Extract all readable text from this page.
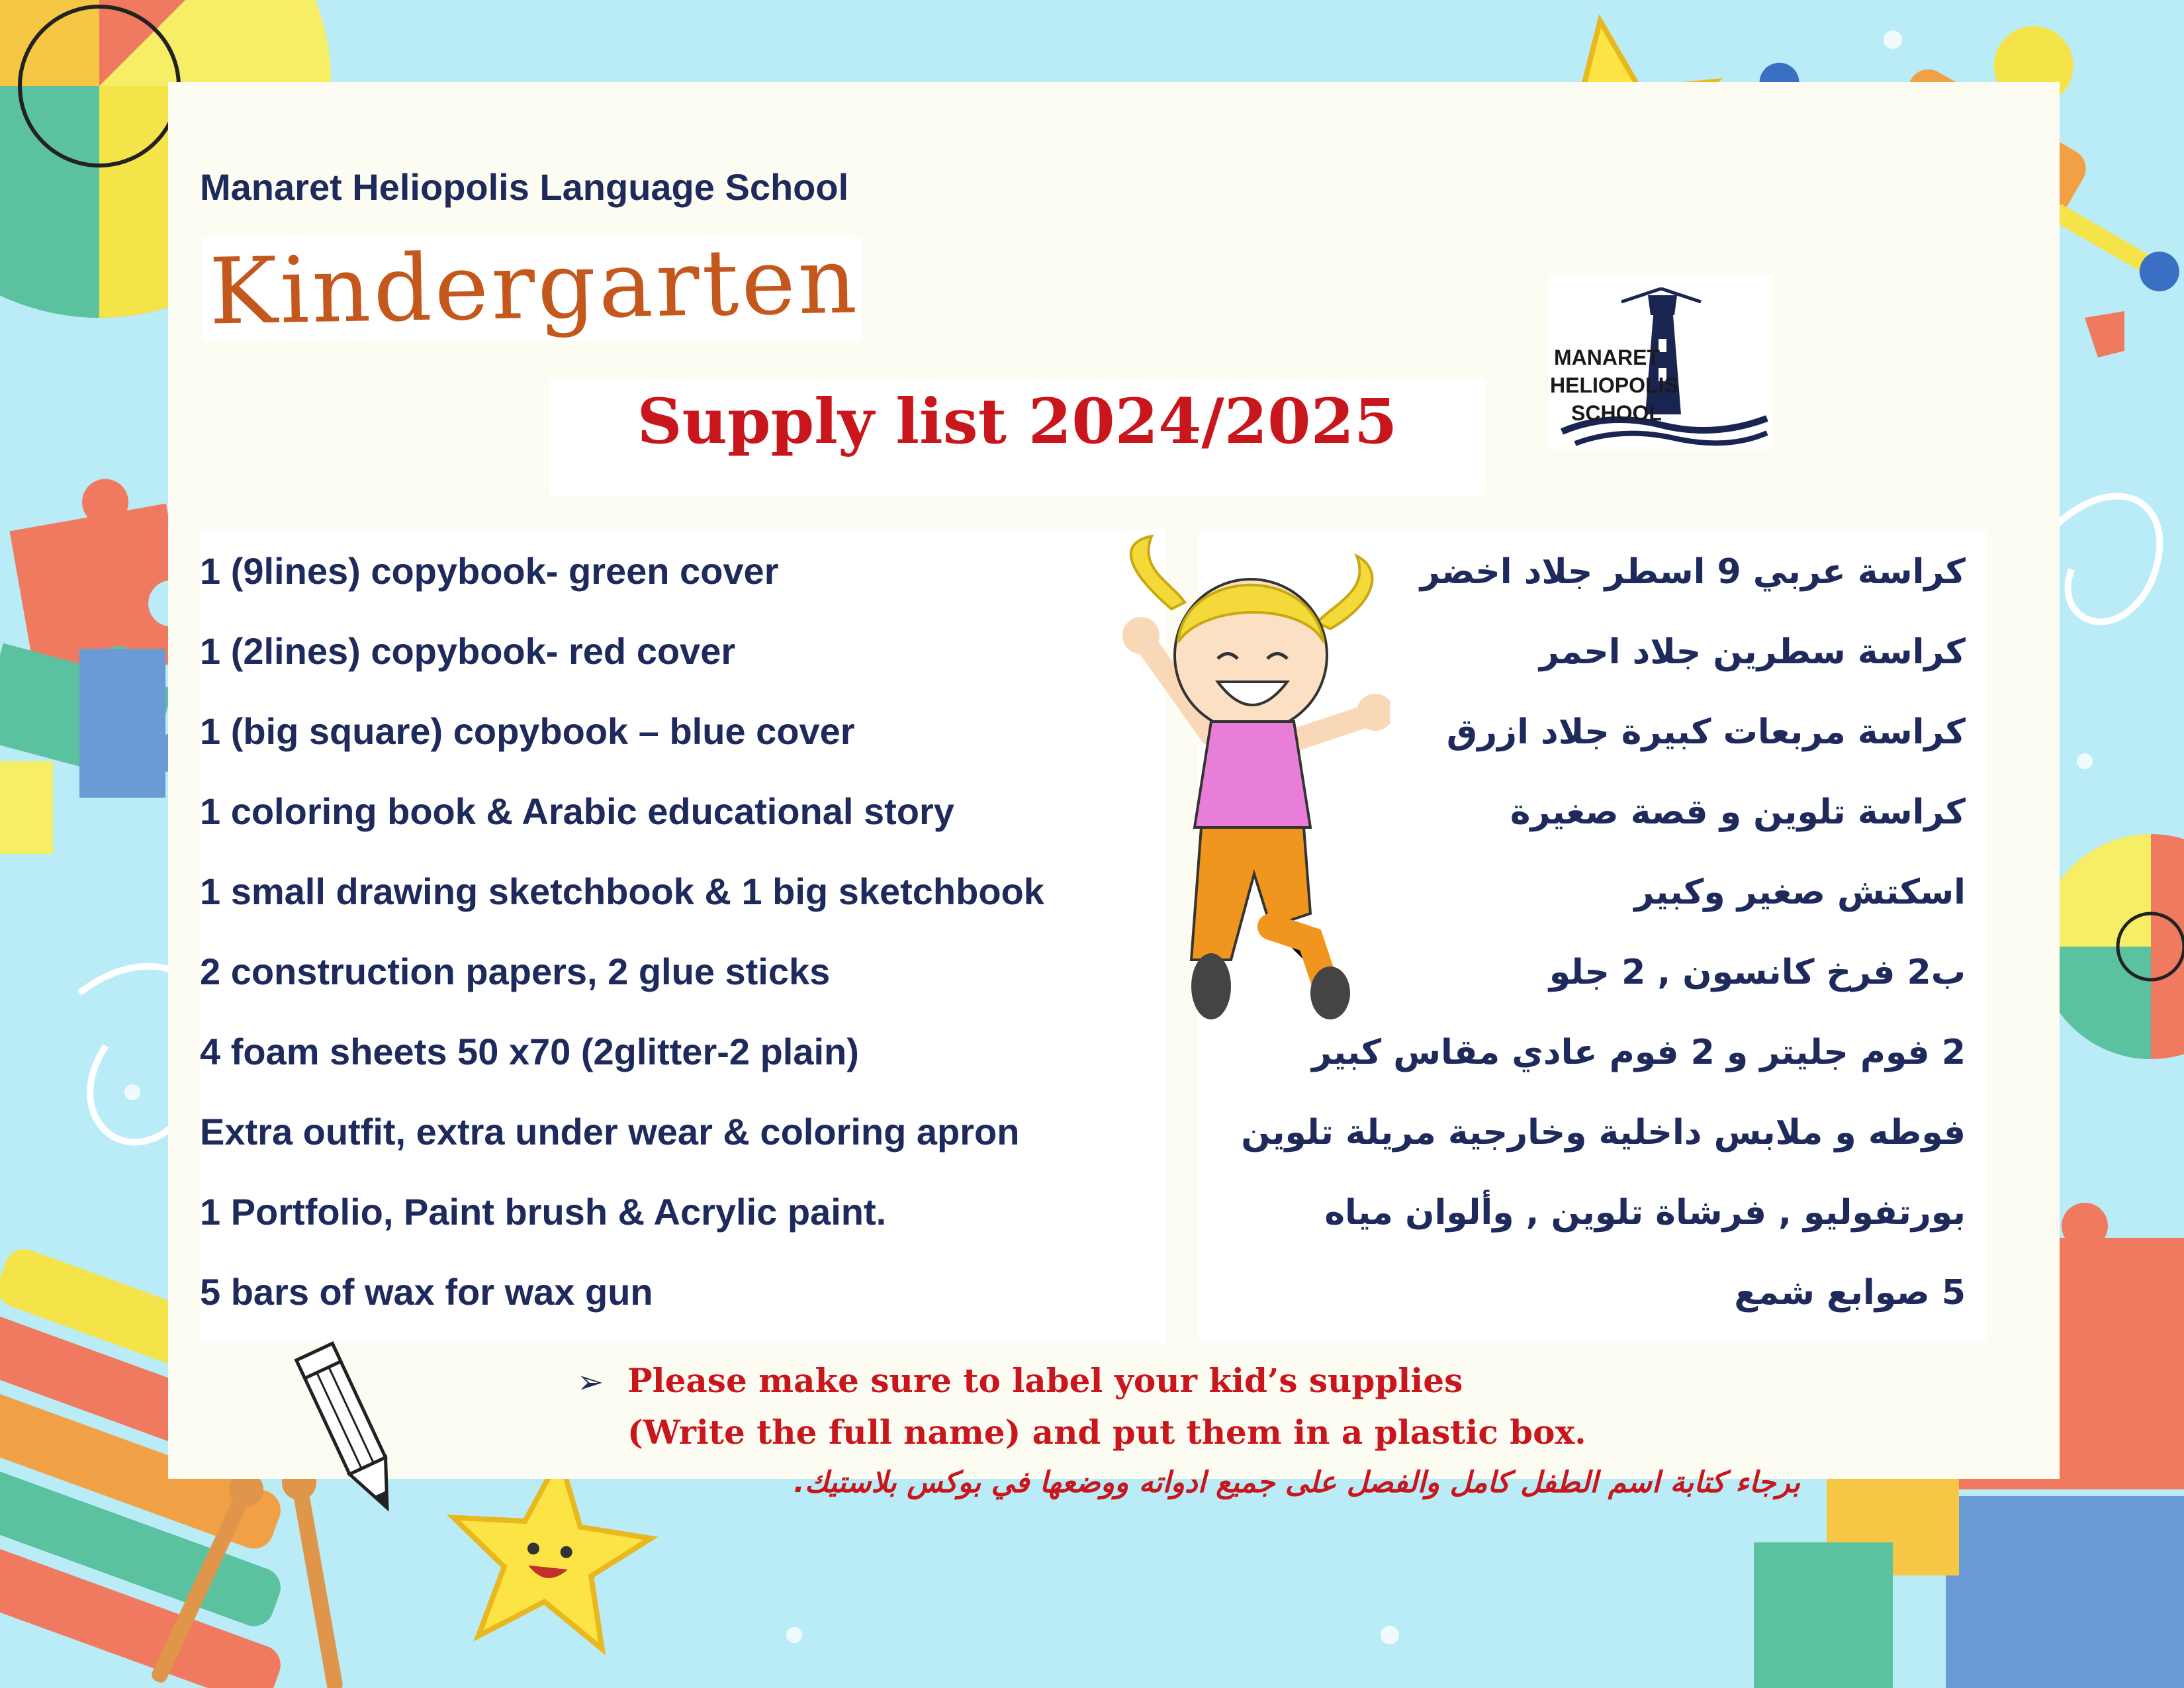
Manaret Heliopolis Language School
Kindergarten
Supply list 2024/2025
MANARET
HELIOPOLIS
SCHOOL
1 (9lines) copybook- green cover
1 (2lines) copybook- red cover
1 (big square) copybook – blue cover
1 coloring book & Arabic educational story
1 small drawing sketchbook & 1 big sketchbook
2 construction papers, 2 glue sticks
4 foam sheets 50 x70 (2glitter-2 plain)
Extra outfit, extra under wear & coloring apron
1 Portfolio, Paint brush & Acrylic paint.
5 bars of wax for wax gun
كراسة عربي 9 اسطر جلاد اخضر
كراسة سطرين جلاد احمر
كراسة مربعات كبيرة جلاد ازرق
كراسة تلوين و قصة صغيرة
اسكتش صغير وكبير
ب2 فرخ كانسون , 2 جلو
2 فوم جليتر و 2 فوم عادي مقاس كبير
فوطه و ملابس داخلية وخارجية مريلة تلوين
بورتفوليو , فرشاة تلوين , وألوان مياه
5 صوابع شمع
➢ Please make sure to label your kid’s supplies
(Write the full name) and put them in a plastic box.
برجاء كتابة اسم الطفل كامل والفصل على جميع ادواته ووضعها في بوكس بلاستيك.
